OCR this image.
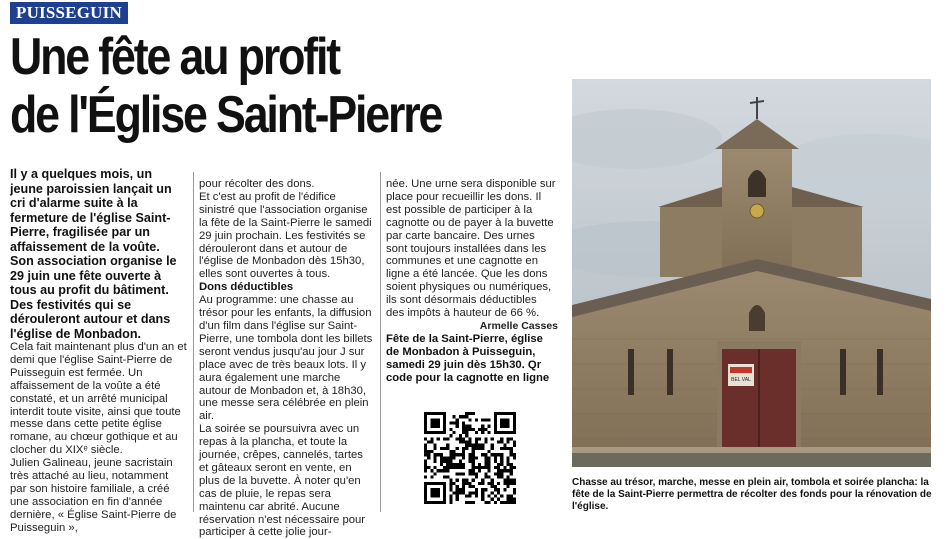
PUISSEGUIN
Une fête au profit
de l'Église Saint-Pierre

Il y a quelques mois, un jeune paroissien lançait un cri d'alarme suite à la fermeture de l'église Saint-Pierre, fragilisée par un affaissement de la voûte. Son association organise le 29 juin une fête ouverte à tous au profit du bâtiment. Des festivités qui se dérouleront autour et dans l'église de Monbadon.

Cela fait maintenant plus d'un an et demi que l'église Saint-Pierre de Puisseguin est fermée. Un affaissement de la voûte a été constaté, et un arrêté municipal interdit toute visite, ainsi que toute messe dans cette petite église romane, au chœur gothique et au clocher du XIXᵉ siècle.

Julien Galineau, jeune sacristain très attaché au lieu, notamment par son histoire familiale, a créé une association en fin d'année dernière, « Église Saint-Pierre de Puisseguin »,

pour récolter des dons.

Et c'est au profit de l'édifice sinistré que l'association organise la fête de la Saint-Pierre le samedi 29 juin prochain. Les festivités se dérouleront dans et autour de l'église de Monbadon dès 15h30, elles sont ouvertes à tous.

Dons déductibles

Au programme: une chasse au trésor pour les enfants, la diffusion d'un film dans l'église sur Saint-Pierre, une tombola dont les billets seront vendus jusqu'au jour J sur place avec de très beaux lots. Il y aura également une marche autour de Monbadon et, à 18h30, une messe sera célébrée en plein air.

La soirée se poursuivra avec un repas à la plancha, et toute la journée, crêpes, cannelés, tartes et gâteaux seront en vente, en plus de la buvette. À noter qu'en cas de pluie, le repas sera maintenu car abrité. Aucune réservation n'est nécessaire pour participer à cette jolie jour-

née. Une urne sera disponible sur place pour recueillir les dons. Il est possible de participer à la cagnotte ou de payer à la buvette par carte bancaire. Des urnes sont toujours installées dans les communes et une cagnotte en ligne a été lancée. Que les dons soient physiques ou numériques, ils sont désormais déductibles des impôts à hauteur de 66 %.

Armelle Casses

Fête de la Saint-Pierre, église de Monbadon à Puisseguin, samedi 29 juin dès 15h30. Qr code pour la cagnotte en ligne	BEL VAL
Chasse au trésor, marche, messe en plein air, tombola et soirée plancha: la fête de la Saint-Pierre permettra de récolter des fonds pour la rénovation de l'église.
